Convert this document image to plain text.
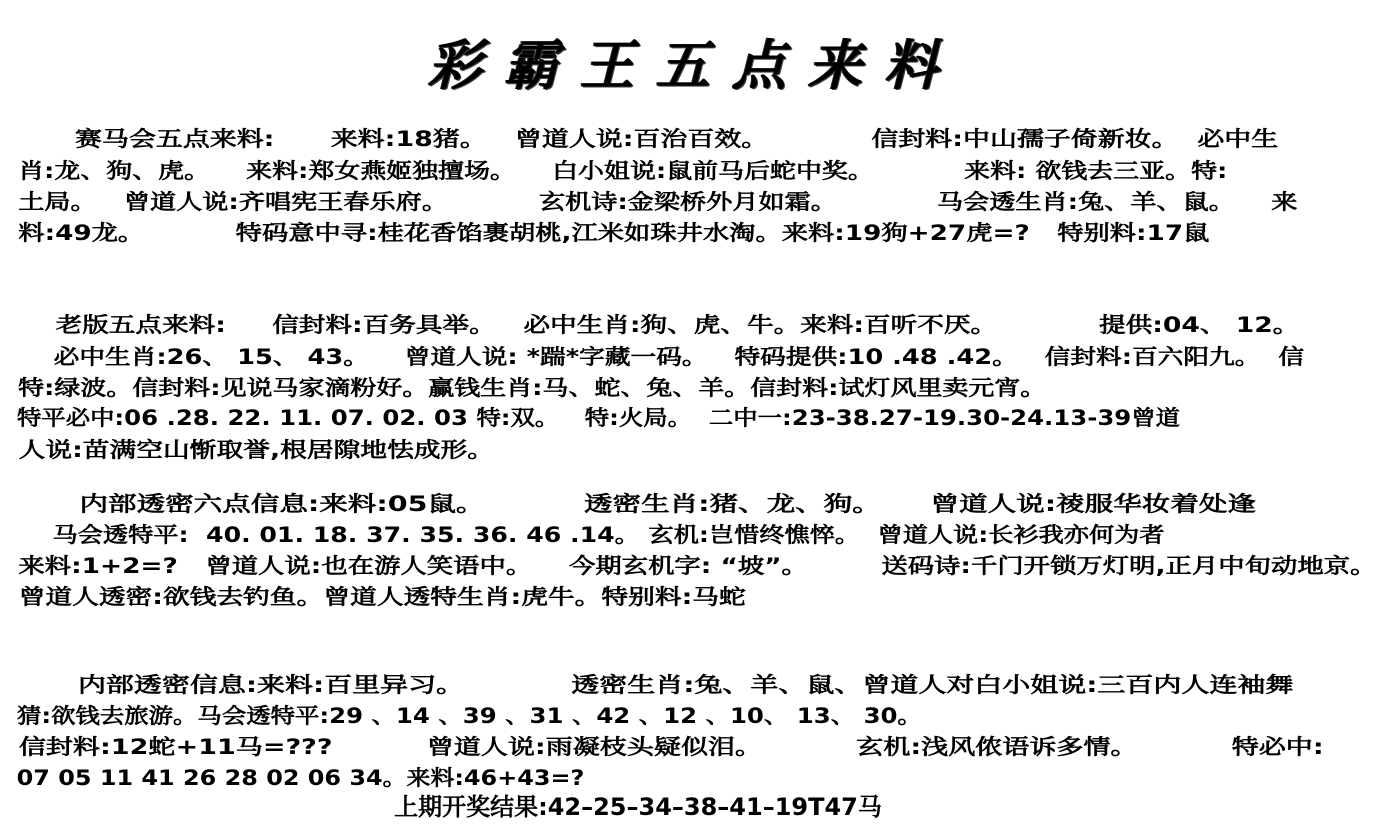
彩霸王五点来料
赛马会五点来料:      来料:18猪。   曾道人说:百治百效。           信封料:中山孺子倚新妆。  必中生
肖:龙、狗、虎。    来料:郑女燕姬独擅场。    白小姐说:鼠前马后蛇中奖。          来料: 欲钱去三亚。特:
土局。   曾道人说:齐唱宪王春乐府。          玄机诗:金梁桥外月如霜。           马会透生肖:兔、羊、鼠。    来
料:49龙。          特码意中寻:桂花香馅裹胡桃,江米如珠井水淘。来料:19狗+27虎=?   特别料:17鼠
老版五点来料:     信封料:百务具举。   必中生肖:狗、虎、牛。来料:百听不厌。           提供:04、 12。
必中生肖:26、 15、 43。    曾道人说: *踹*字藏一码。   特码提供:10 .48 .42。   信封料:百六阳九。  信
特:绿波。信封料:见说马家滴粉好。赢钱生肖:马、蛇、兔、羊。信封料:试灯风里卖元宵。
特平必中:06 .28. 22. 11. 07. 02. 03 特:双。   特:火局。  二中一:23-38.27-19.30-24.13-39曾道
人说:苗满空山惭取誉,根居隙地怯成形。
内部透密六点信息:来料:05鼠。          透密生肖:猪、龙、狗。     曾道人说:祾服华妆着处逢
马会透特平:  40. 01. 18. 37. 35. 36. 46 .14。 玄机:岂惜终憔悴。  曾道人说:长衫我亦何为者
来料:1+2=?   曾道人说:也在游人笑语中。    今期玄机字: “坡”。        送码诗:千门开锁万灯明,正月中旬动地京。
曾道人透密:欲钱去钓鱼。曾道人透特生肖:虎牛。特别料:马蛇
内部透密信息:来料:百里异习。           透密生肖:兔、羊、鼠、曾道人对白小姐说:三百内人连袖舞
猜:欲钱去旅游。马会透特平:29 、14 、39 、31 、42 、12 、10、 13、 30。
信封料:12蛇+11马=???          曾道人说:雨凝枝头疑似泪。          玄机:浅风侬语诉多情。          特必中:
07 05 11 41 26 28 02 06 34。来料:46+43=?
上期开奖结果:42–25–34–38–41–19T47马
